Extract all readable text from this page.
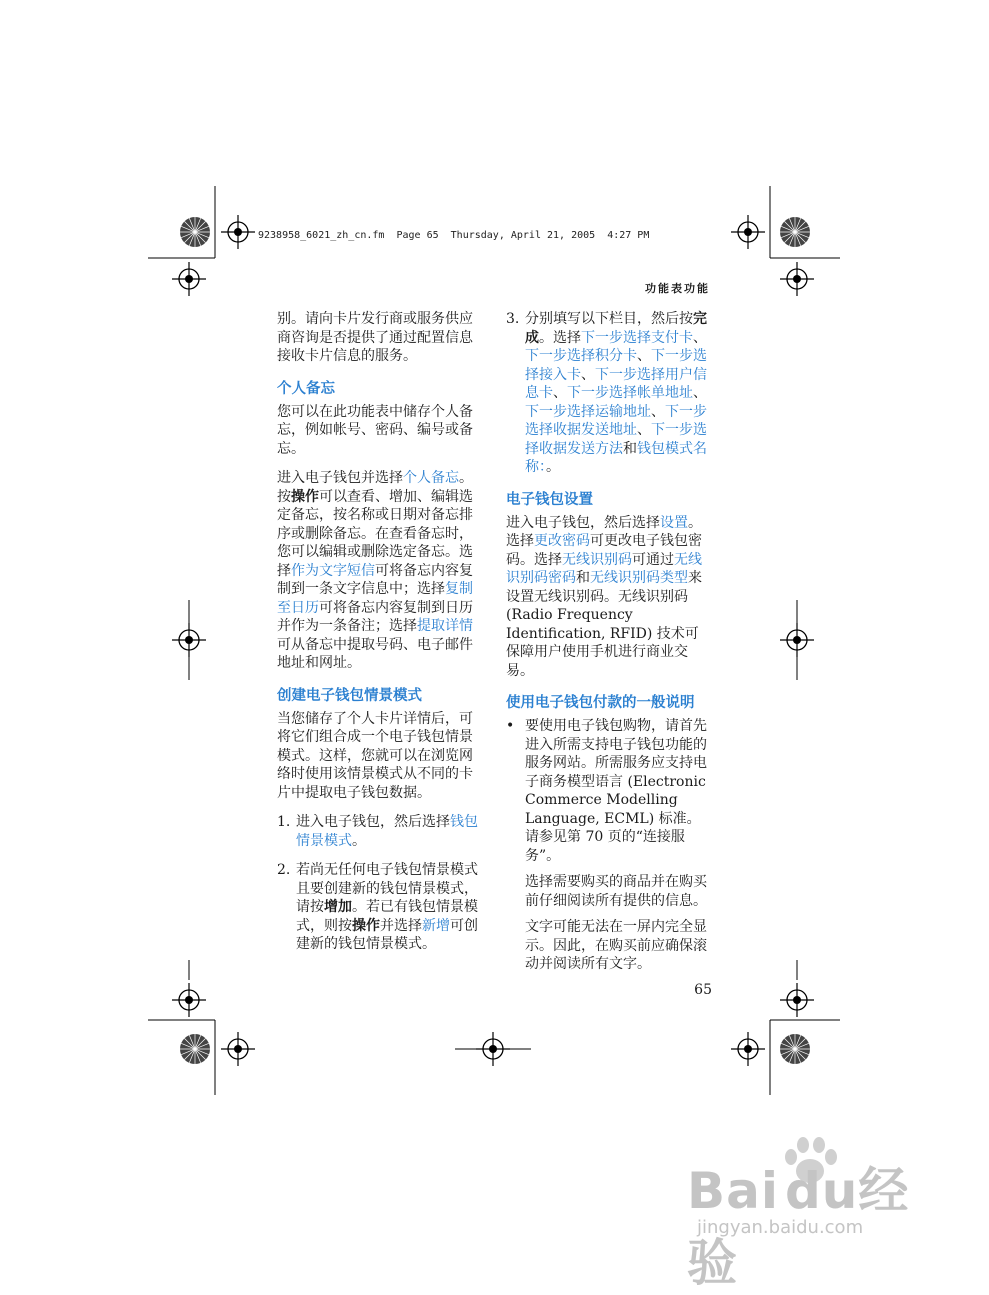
9238958_6021_zh_cn.fm  Page 65  Thursday, April 21, 2005  4:27 PM
功能表功能

别。请向卡片发行商或服务供应商咨询是否提供了通过配置信息接收卡片信息的服务。

个人备忘

您可以在此功能表中储存个人备忘，例如帐号、密码、编号或备忘。

进入电子钱包并选择个人备忘。按操作可以查看、增加、编辑选定备忘，按名称或日期对备忘排序或删除备忘。在查看备忘时，您可以编辑或删除选定备忘。选择作为文字短信可将备忘内容复制到一条文字信息中；选择复制至日历可将备忘内容复制到日历并作为一条备注；选择提取详情可从备忘中提取号码、电子邮件地址和网址。

创建电子钱包情景模式

当您储存了个人卡片详情后，可将它们组合成一个电子钱包情景模式。这样，您就可以在浏览网络时使用该情景模式从不同的卡片中提取电子钱包数据。

1. 进入电子钱包，然后选择钱包情景模式。
2. 若尚无任何电子钱包情景模式且要创建新的钱包情景模式，请按增加。若已有钱包情景模式，则按操作并选择新增可创建新的钱包情景模式。
3. 分别填写以下栏目，然后按完成。选择下一步选择支付卡、下一步选择积分卡、下一步选择接入卡、下一步选择用户信息卡、下一步选择帐单地址、下一步选择运输地址、下一步选择收据发送地址、下一步选择收据发送方法和钱包模式名称：。
电子钱包设置

进入电子钱包，然后选择设置。选择更改密码可更改电子钱包密码。选择无线识别码可通过无线识别码密码和无线识别码类型来设置无线识别码。无线识别码 (Radio Frequency Identification, RFID) 技术可保障用户使用手机进行商业交易。

使用电子钱包付款的一般说明
• 要使用电子钱包购物，请首先进入所需支持电子钱包功能的服务网站。所需服务应支持电子商务模型语言 (Electronic Commerce Modelling Language, ECML) 标准。请参见第 70 页的“连接服务”。
选择需要购买的商品并在购买前仔细阅读所有提供的信息。
文字可能无法在一屏内完全显示。因此，在购买前应确保滚动并阅读所有文字。
65
Bai du经验
jingyan.baidu.com
